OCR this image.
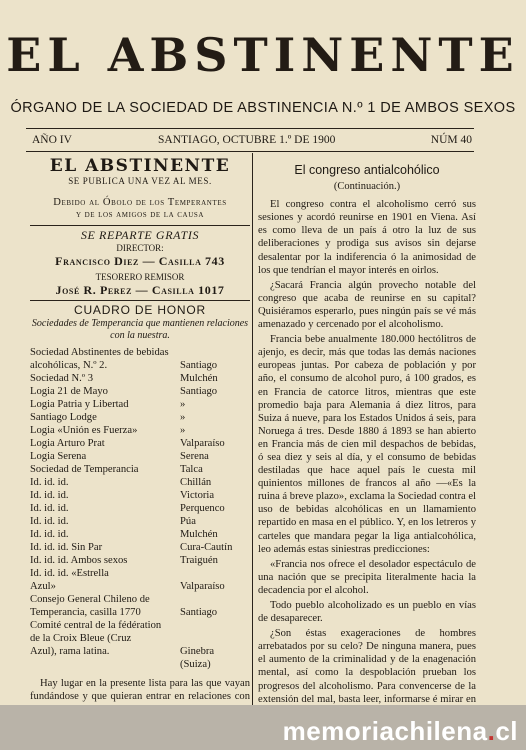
EL ABSTINENTE
ÓRGANO DE LA SOCIEDAD DE ABSTINENCIA N.º 1 DE AMBOS SEXOS
AÑO IV	SANTIAGO, OCTUBRE 1.º DE 1900	NÚM 40
EL ABSTINENTE
SE PUBLICA UNA VEZ AL MES.
Debido al Óbolo de los Temperantes
y de los amigos de la causa
SE REPARTE GRATIS
DIRECTOR:
Francisco Diez — Casilla 743
TESORERO REMISOR
José R. Perez — Casilla 1017
CUADRO DE HONOR
Sociedades de Temperancia que mantienen relaciones con la nuestra.
Sociedad Abstinentes de bebidas
alcohólicas, N.º 2.	Santiago
Sociedad N.º 3	Mulchén
Logia 21 de Mayo	Santiago
Logia Patria y Libertad	»
Santiago Lodge	»
Logia «Unión es Fuerza»	»
Logia Arturo Prat	Valparaíso
Logia Serena	Serena
Sociedad de Temperancia	Talca
Id. id. id.	Chillán
Id. id. id.	Victoria
Id. id. id.	Perquenco
Id. id. id.	Púa
Id. id. id.	Mulchén
Id. id. id. Sin Par	Cura-Cautín
Id. id. id. Ambos sexos	Traiguén
Id. id. id. «Estrella
Azul»	Valparaíso
Consejo General Chileno de
Temperancia, casilla 1770	Santiago
Comité central de la fédération
de la Croix Bleue (Cruz
Azul), rama latina.	Ginebra
(Suiza)
Hay lugar en la presente lista para las que vayan fundándose y que quieran entrar en relaciones con
El congreso antialcohólico
(Continuación.)

El congreso contra el alcoholismo cerró sus sesiones y acordó reunirse en 1901 en Viena. Así es como lleva de un país á otro la luz de sus deliberaciones y prodiga sus avisos sin dejarse desalentar por la indiferencia ó la animosidad de los que tendrían el mayor interés en oirlos.

¿Sacará Francia algún provecho notable del congreso que acaba de reunirse en su capital? Quisiéramos esperarlo, pues ningún país se vé más amenazado y cercenado por el alcoholismo.

Francia bebe anualmente 180.000 hectólitros de ajenjo, es decir, más que todas las demás naciones europeas juntas. Por cabeza de población y por año, el consumo de alcohol puro, á 100 grados, es en Francia de catorce litros, mientras que este promedio baja para Alemania á diez litros, para Suiza á nueve, para los Estados Unidos á seis, para Noruega á tres. Desde 1880 á 1893 se han abierto en Francia más de cien mil despachos de bebidas, ó sea diez y seis al día, y el consumo de bebidas destiladas que hace aquel país le cuesta mil quinientos millones de francos al año —«Es la ruina á breve plazo», exclama la Sociedad contra el uso de bebidas alcohólicas en un llamamiento repartido en masa en el público. Y, en los letreros y carteles que mandara pegar la liga antialcohólica, leo además estas siniestras predicciones:

«Francia nos ofrece el desolador espectáculo de una nación que se precipita literalmente hacia la decadencia por el alcohol.

Todo pueblo alcoholizado es un pueblo en vías de desaparecer.

¿Son éstas exageraciones de hombres arrebatados por su celo? De ninguna manera, pues el aumento de la criminalidad y de la enagenación mental, así como la despoblación prueban los progresos del alcoholismo. Para convencerse de la extensión del mal, basta leer, informarse é mirar en

memoriachilena.cl
